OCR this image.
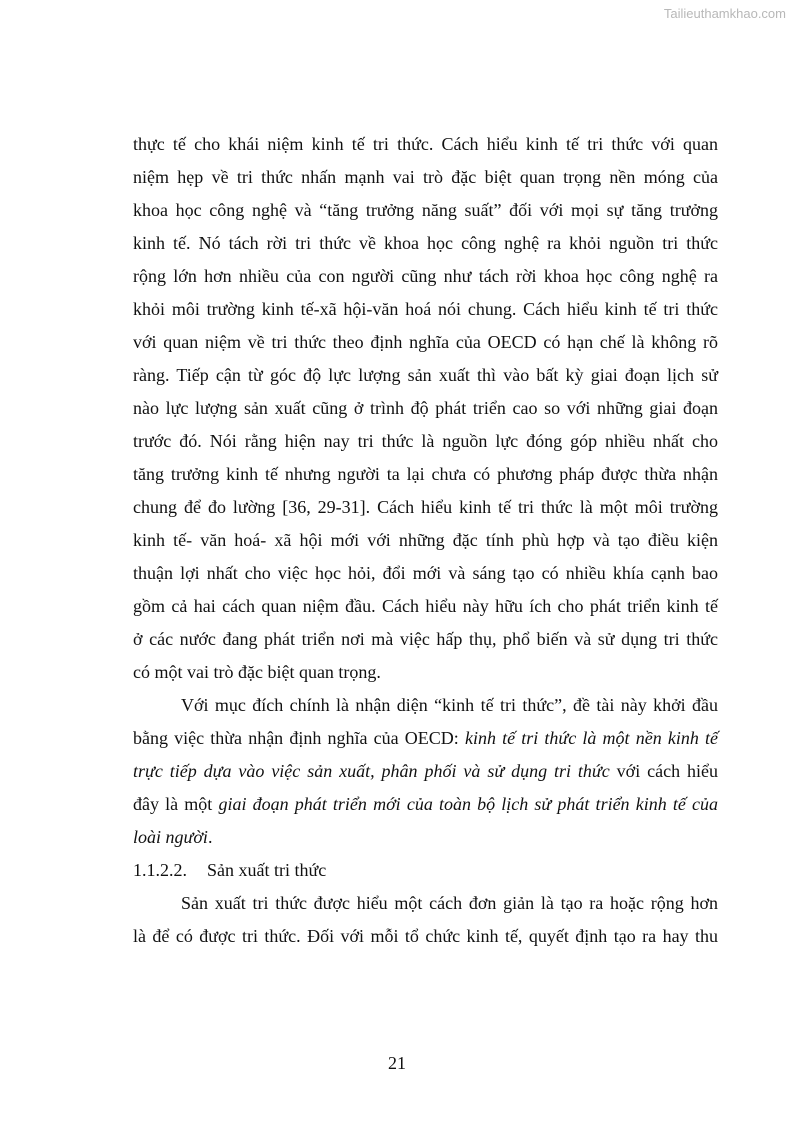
Tailieuthamkhao.com
thực tế cho khái niệm kinh tế tri thức. Cách hiểu kinh tế tri thức với quan
niệm hẹp về tri thức nhấn mạnh vai trò đặc biệt quan trọng nền móng của
khoa học công nghệ và “tăng trưởng năng suất” đối với mọi sự tăng trưởng
kinh tế. Nó tách rời tri thức về khoa học công nghệ ra khỏi nguồn tri thức
rộng lớn hơn nhiều của con người cũng như tách rời khoa học công nghệ ra
khỏi môi trường kinh tế-xã hội-văn hoá nói chung. Cách hiểu kinh tế tri thức
với quan niệm về tri thức theo định nghĩa của OECD có hạn chế là không rõ
ràng. Tiếp cận từ góc độ lực lượng sản xuất thì vào bất kỳ giai đoạn lịch sử
nào lực lượng sản xuất cũng ở trình độ phát triển cao so với những giai đoạn
trước đó. Nói rằng hiện nay tri thức là nguồn lực đóng góp nhiều nhất cho
tăng trưởng kinh tế nhưng người ta lại chưa có phương pháp được thừa nhận
chung để đo lường [36, 29-31]. Cách hiểu kinh tế tri thức là một môi trường
kinh tế- văn hoá- xã hội mới với những đặc tính phù hợp và tạo điều kiện
thuận lợi nhất cho việc học hỏi, đổi mới và sáng tạo có nhiều khía cạnh bao
gồm cả hai cách quan niệm đầu. Cách hiểu này hữu ích cho phát triển kinh tế
ở các nước đang phát triển nơi mà việc hấp thụ, phổ biến và sử dụng tri thức
có một vai trò đặc biệt quan trọng.
Với mục đích chính là nhận diện “kinh tế tri thức”, đề tài này khởi đầu
bằng việc thừa nhận định nghĩa của OECD: kinh tế tri thức là một nền kinh tế
trực tiếp dựa vào việc sản xuất, phân phối và sử dụng tri thức với cách hiểu
đây là một giai đoạn phát triển mới của toàn bộ lịch sử phát triển kinh tế của
loài người.
1.1.2.2. Sản xuất tri thức
Sản xuất tri thức được hiểu một cách đơn giản là tạo ra hoặc rộng hơn
là để có được tri thức. Đối với mỗi tổ chức kinh tế, quyết định tạo ra hay thu
21
